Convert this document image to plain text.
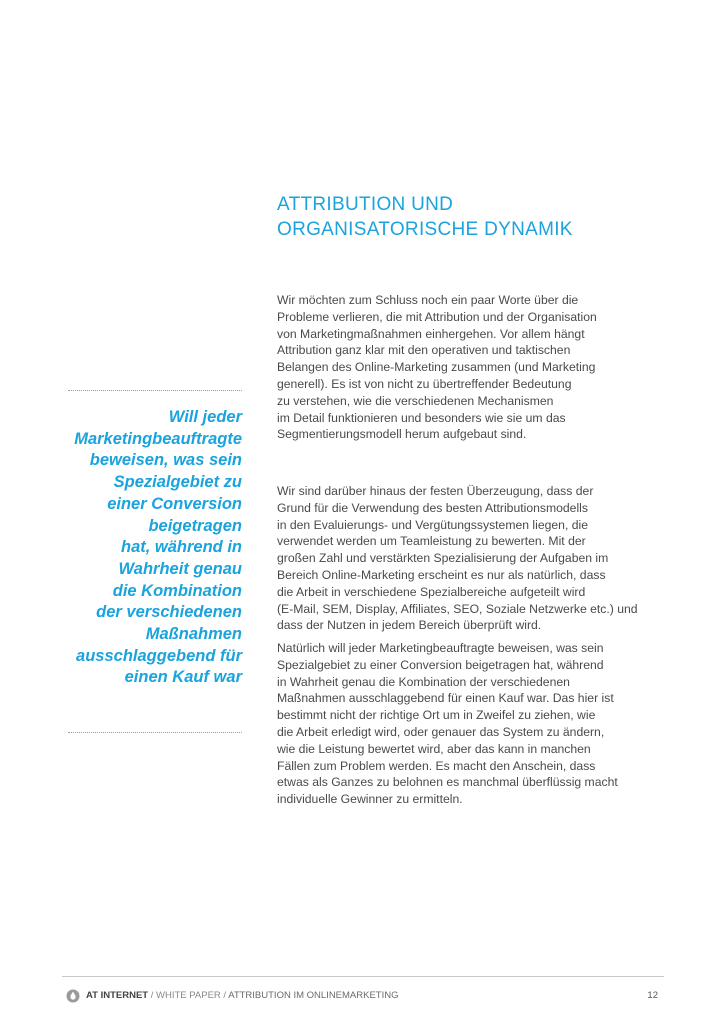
ATTRIBUTION UND
ORGANISATORISCHE DYNAMIK
Wir möchten zum Schluss noch ein paar Worte über die
Probleme verlieren, die mit Attribution und der Organisation
von Marketingmaßnahmen einhergehen. Vor allem hängt
Attribution ganz klar mit den operativen und taktischen
Belangen des Online-Marketing zusammen (und Marketing
generell). Es ist von nicht zu übertreffender Bedeutung
zu verstehen, wie die verschiedenen Mechanismen
im Detail funktionieren und besonders wie sie um das
Segmentierungsmodell herum aufgebaut sind.
Wir sind darüber hinaus der festen Überzeugung, dass der
Grund für die Verwendung des besten Attributionsmodells
in den Evaluierungs- und Vergütungssystemen liegen, die
verwendet werden um Teamleistung zu bewerten. Mit der
großen Zahl und verstärkten Spezialisierung der Aufgaben im
Bereich Online-Marketing erscheint es nur als natürlich, dass
die Arbeit in verschiedene Spezialbereiche aufgeteilt wird
(E-Mail, SEM, Display, Affiliates, SEO, Soziale Netzwerke etc.) und
dass der Nutzen in jedem Bereich überprüft wird.
Natürlich will jeder Marketingbeauftragte beweisen, was sein
Spezialgebiet zu einer Conversion beigetragen hat, während
in Wahrheit genau die Kombination der verschiedenen
Maßnahmen ausschlaggebend für einen Kauf war. Das hier ist
bestimmt nicht der richtige Ort um in Zweifel zu ziehen, wie
die Arbeit erledigt wird, oder genauer das System zu ändern,
wie die Leistung bewertet wird, aber das kann in manchen
Fällen zum Problem werden. Es macht den Anschein, dass
etwas als Ganzes zu belohnen es manchmal überflüssig macht
individuelle Gewinner zu ermitteln.
Will jeder
Marketingbeauftragte
beweisen, was sein
Spezialgebiet zu
einer Conversion
beigetragen
hat, während in
Wahrheit genau
die Kombination
der verschiedenen
Maßnahmen
ausschlaggebend für
einen Kauf war
AT INTERNET / WHITE PAPER / ATTRIBUTION IM ONLINEMARKETING	12
